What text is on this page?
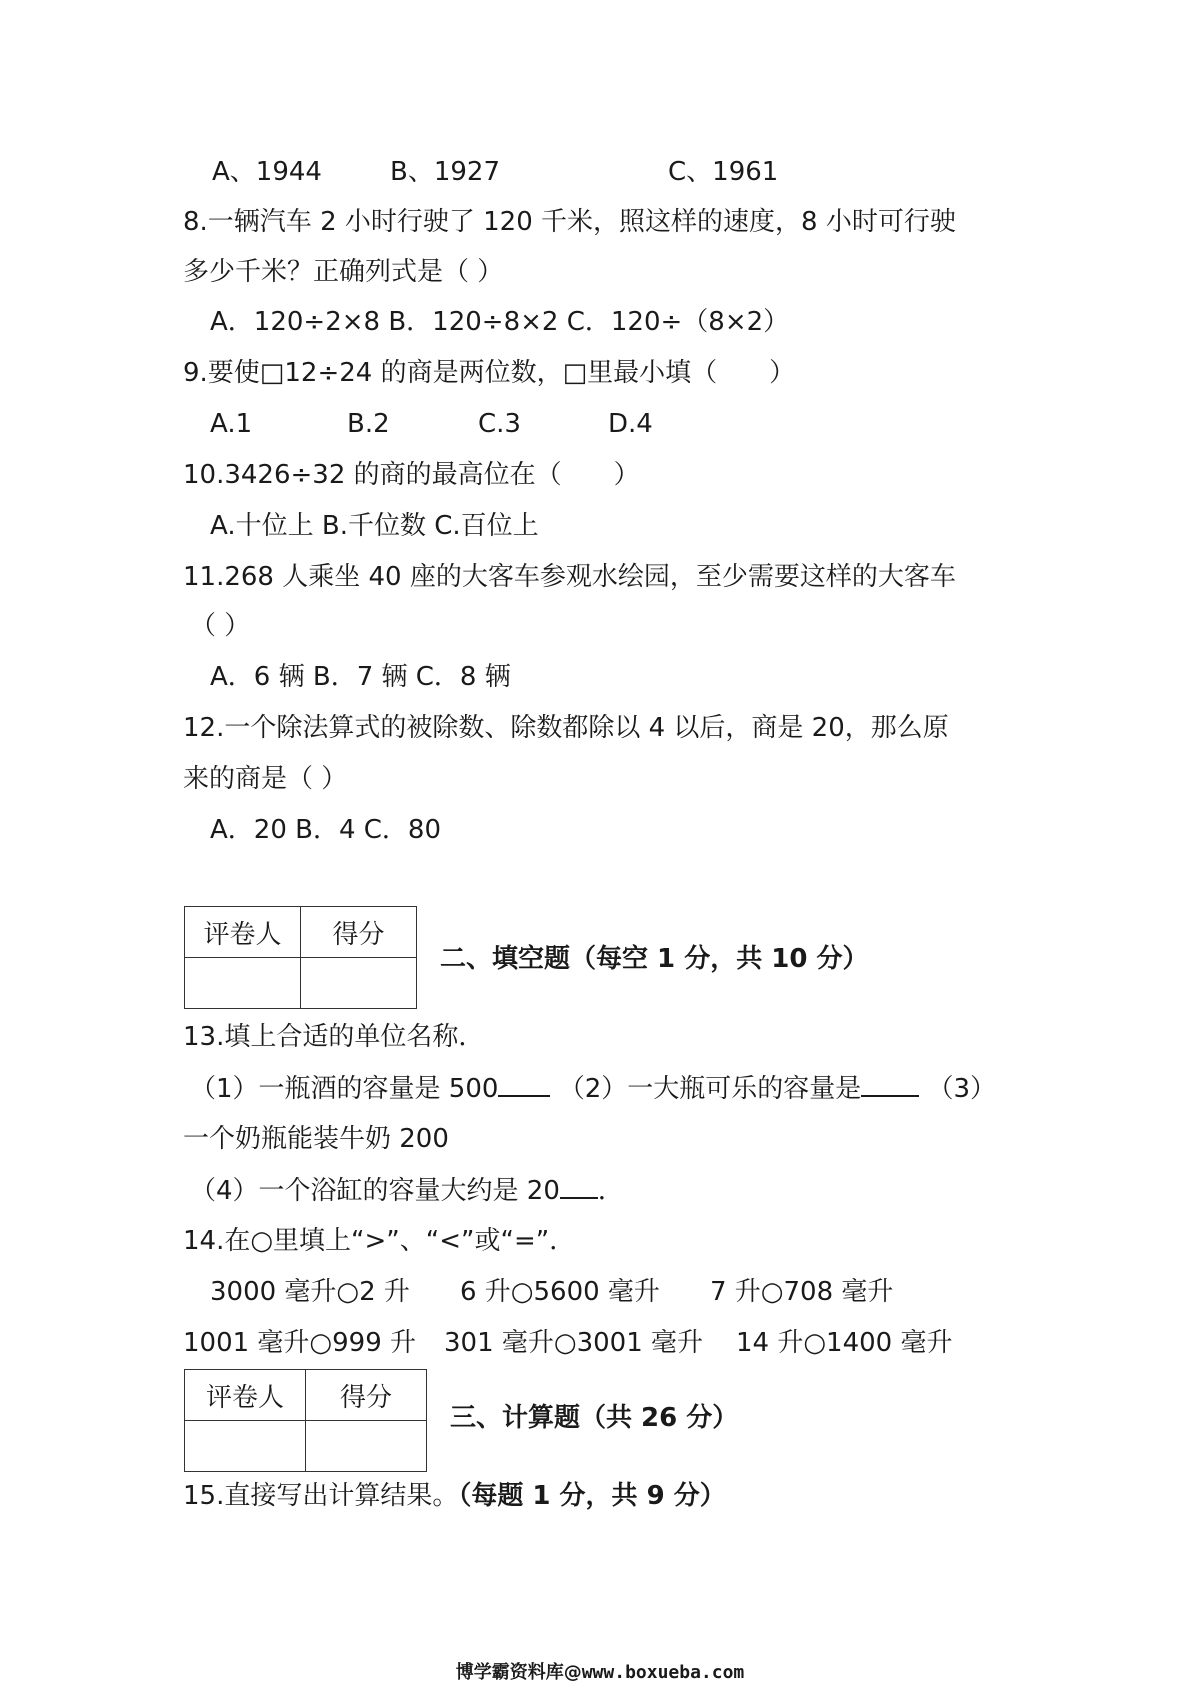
A、1944	B、1927	C、1961
8.一辆汽车 2 小时行驶了 120 千米，照这样的速度，8 小时可行驶
多少千米？正确列式是（ ）
A．120÷2×8 B．120÷8×2 C．120÷（8×2）
9.要使□12÷24 的商是两位数，□里最小填（　　）
A.1	B.2	C.3	D.4
10.3426÷32 的商的最高位在（　　）
A.十位上 B.千位数 C.百位上
11.268 人乘坐 40 座的大客车参观水绘园，至少需要这样的大客车
（ ）
A．6 辆 B．7 辆 C．8 辆
12.一个除法算式的被除数、除数都除以 4 以后，商是 20，那么原
来的商是（ ）
A．20 B．4 C．80
评卷人	得分

二、填空题（每空 1 分，共 10 分）
13.填上合适的单位名称．
（1）一瓶酒的容量是 500 （2）一大瓶可乐的容量是	（3）
一个奶瓶能装牛奶 200
（4）一个浴缸的容量大约是 20 ．
14.在○里填上“>”、“<”或“=”．
3000 毫升○2 升 6 升○5600 毫升 7 升○708 毫升
1001 毫升○999 升 301 毫升○3001 毫升 14 升○1400 毫升
评卷人	得分

三、计算题（共 26 分）
15.直接写出计算结果。（每题 1 分，共 9 分）
博学霸资料库@www.boxueba.com
